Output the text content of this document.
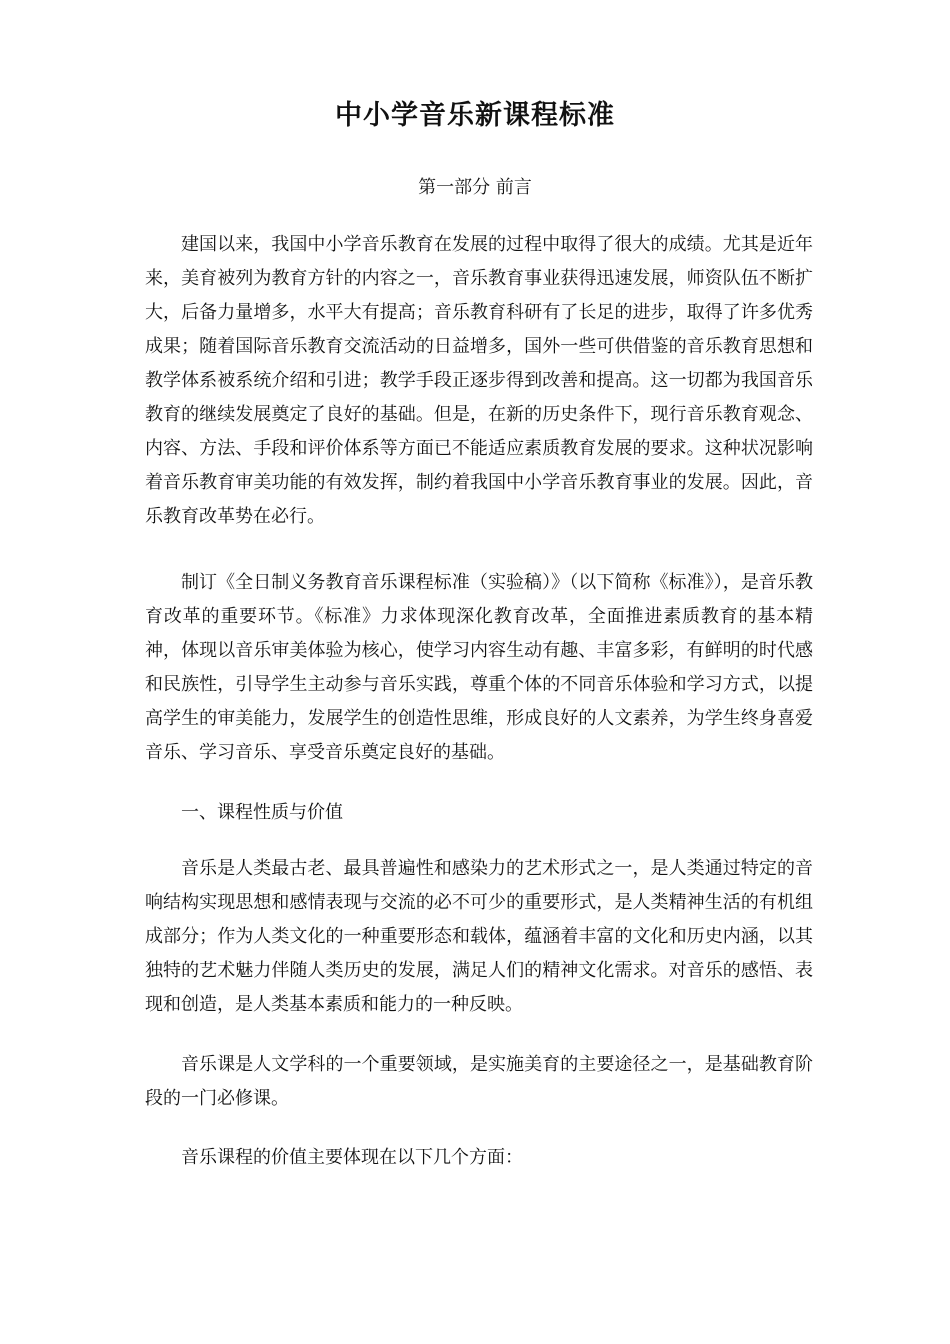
中小学音乐新课程标准
第一部分 前言

建国以来，我国中小学音乐教育在发展的过程中取得了很大的成绩。尤其是近年来，美育被列为教育方针的内容之一，音乐教育事业获得迅速发展，师资队伍不断扩大，后备力量增多，水平大有提高；音乐教育科研有了长足的进步，取得了许多优秀成果；随着国际音乐教育交流活动的日益增多，国外一些可供借鉴的音乐教育思想和教学体系被系统介绍和引进；教学手段正逐步得到改善和提高。这一切都为我国音乐教育的继续发展奠定了良好的基础。但是，在新的历史条件下，现行音乐教育观念、内容、方法、手段和评价体系等方面已不能适应素质教育发展的要求。这种状况影响着音乐教育审美功能的有效发挥，制约着我国中小学音乐教育事业的发展。因此，音乐教育改革势在必行。

制订《全日制义务教育音乐课程标准（实验稿）》（以下简称《标准》），是音乐教育改革的重要环节。《标准》力求体现深化教育改革，全面推进素质教育的基本精神，体现以音乐审美体验为核心，使学习内容生动有趣、丰富多彩，有鲜明的时代感和民族性，引导学生主动参与音乐实践，尊重个体的不同音乐体验和学习方式，以提高学生的审美能力，发展学生的创造性思维，形成良好的人文素养，为学生终身喜爱音乐、学习音乐、享受音乐奠定良好的基础。

一、课程性质与价值

音乐是人类最古老、最具普遍性和感染力的艺术形式之一，是人类通过特定的音响结构实现思想和感情表现与交流的必不可少的重要形式，是人类精神生活的有机组成部分；作为人类文化的一种重要形态和载体，蕴涵着丰富的文化和历史内涵，以其独特的艺术魅力伴随人类历史的发展，满足人们的精神文化需求。对音乐的感悟、表现和创造，是人类基本素质和能力的一种反映。

音乐课是人文学科的一个重要领域，是实施美育的主要途径之一，是基础教育阶段的一门必修课。

音乐课程的价值主要体现在以下几个方面：
